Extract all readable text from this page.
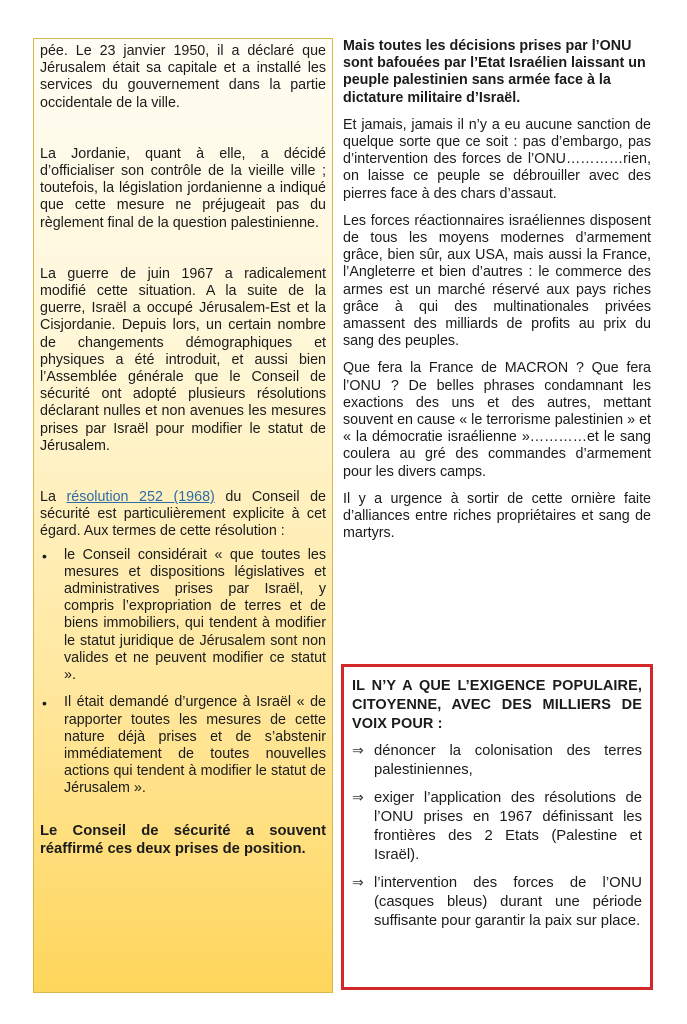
pée. Le 23 janvier 1950, il a déclaré que Jérusalem était sa capitale et a installé les services du gouvernement dans la partie occidentale de la ville.

La Jordanie, quant à elle, a décidé d’officialiser son contrôle de la vieille ville ; toutefois, la législation jordanienne a indiqué que cette mesure ne préjugeait pas du règlement final de la question palestinienne.

La guerre de juin 1967 a radicalement modifié cette situation. A la suite de la guerre, Israël a occupé Jérusalem-Est et la Cisjordanie. Depuis lors, un certain nombre de changements démographiques et physiques a été introduit, et aussi bien l’Assemblée générale que le Conseil de sécurité ont adopté plusieurs résolutions déclarant nulles et non avenues les mesures prises par Israël pour modifier le statut de Jérusalem.

La résolution 252 (1968) du Conseil de sécurité est particulièrement explicite à cet égard. Aux termes de cette résolution :

• le Conseil considérait « que toutes les mesures et dispositions législatives et administratives prises par Israël, y compris l’expropriation de terres et de biens immobiliers, qui tendent à modifier le statut juridique de Jérusalem sont non valides et ne peuvent modifier ce statut ».

• Il était demandé d’urgence à Israël « de rapporter toutes les mesures de cette nature déjà prises et de s’abstenir immédiatement de toutes nouvelles actions qui tendent à modifier le statut de Jérusalem ».

Le Conseil de sécurité a souvent réaffirmé ces deux prises de position.

Mais toutes les décisions prises par l’ONU sont bafouées par l’Etat Israélien laissant un peuple palestinien sans armée face à la dictature militaire d’Israël.

Et jamais, jamais il n’y a eu aucune sanction de quelque sorte que ce soit : pas d’embargo, pas d’intervention des forces de l’ONU…………rien, on laisse ce peuple se débrouiller avec des pierres face à des chars d’assaut.

Les forces réactionnaires israéliennes disposent de tous les moyens modernes d’armement grâce, bien sûr, aux USA, mais aussi la France, l’Angleterre et bien d’autres : le commerce des armes est un marché réservé aux pays riches grâce à qui des multinationales privées amassent des milliards de profits au prix du sang des peuples.

Que fera la France de MACRON ? Que fera l’ONU ? De belles phrases condamnant les exactions des uns et des autres, mettant souvent en cause « le terrorisme palestinien » et « la démocratie israélienne »…………et le sang coulera au gré des commandes d’armement pour les divers camps.

Il y a urgence à sortir de cette ornière faite d’alliances entre riches propriétaires et sang de martyrs.

IL N’Y A QUE L’EXIGENCE POPULAIRE, CITOYENNE, AVEC DES MILLIERS DE VOIX POUR :

⇒ dénoncer la colonisation des terres palestiniennes,

⇒ exiger l’application des résolutions de l’ONU prises en 1967 définissant les frontières des 2 Etats (Palestine et Israël).

⇒ l’intervention des forces de l’ONU (casques bleus) durant une période suffisante pour garantir la paix sur place.
